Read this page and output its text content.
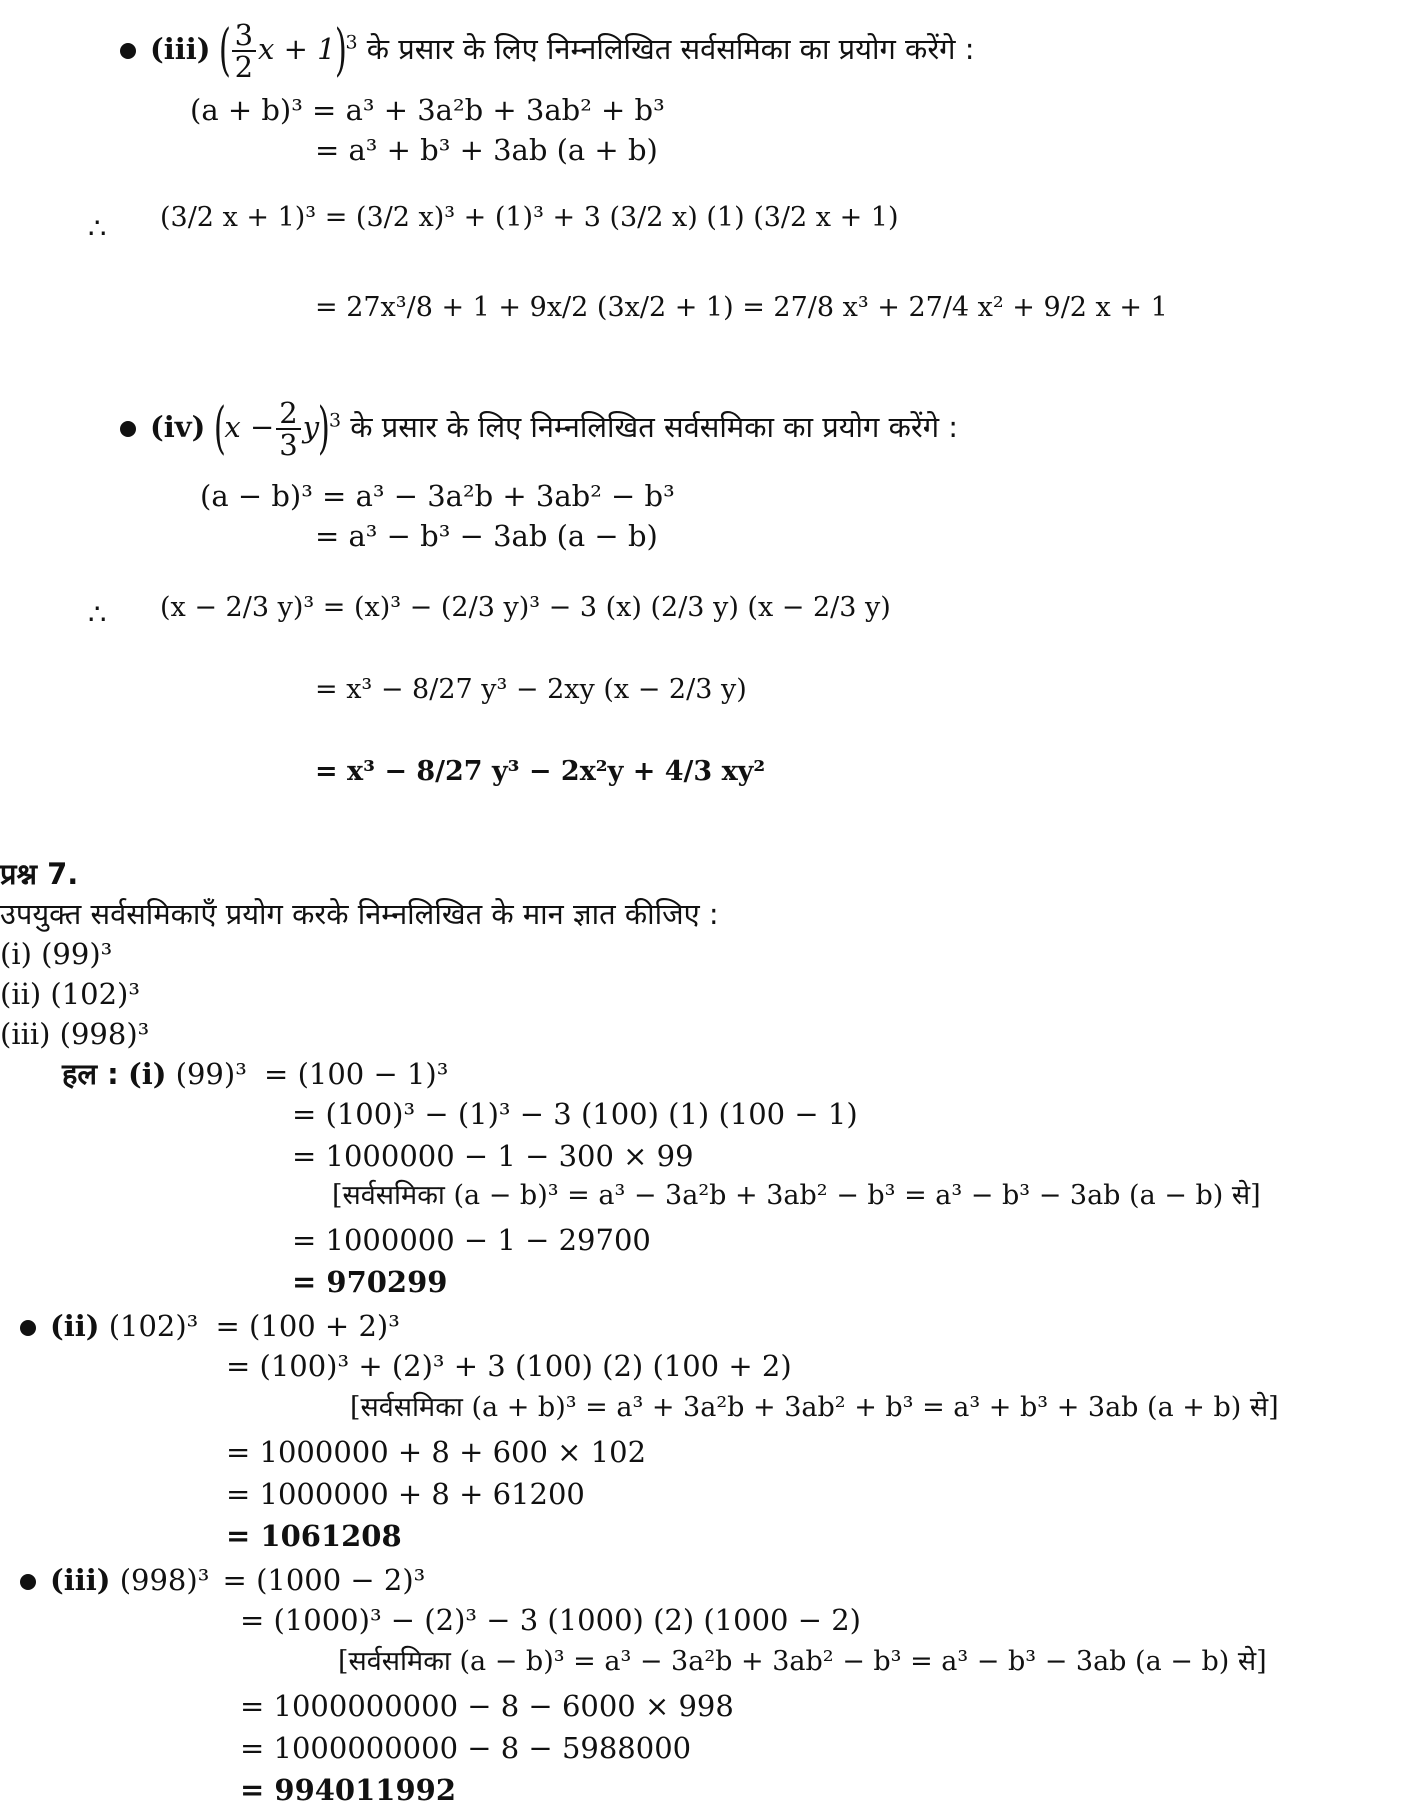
(iii) ( $\frac{3}{2}$ x + 1)$^3$ के प्रसार के लिए निम्नलिखित सर्वसमिका का प्रयोग करेंगे :
(a + b)³ = a³ + 3a²b + 3ab² + b³
= a³ + b³ + 3ab (a + b)
∴ (3/2 x + 1)³ = (3/2 x)³ + (1)³ + 3 (3/2 x) (1) (3/2 x + 1)
= 27x³/8 + 1 + 9x/2 (3x/2 + 1) = 27/8 x³ + 27/4 x² + 9/2 x + 1
(iv) $(x - \frac{2}{3} y)^3$ के प्रसार के लिए निम्नलिखित सर्वसमिका का प्रयोग करेंगे :
(a − b)³ = a³ − 3a²b + 3ab² − b³
= a³ − b³ − 3ab (a − b)
∴ (x − 2/3 y)³ = (x)³ − (2/3 y)³ − 3 (x) (2/3 y) (x − 2/3 y)
= x³ − 8/27 y³ − 2xy (x − 2/3 y)
= x³ − 8/27 y³ − 2x²y + 4/3 xy²
प्रश्न 7.
उपयुक्त सर्वसमिकाएँ प्रयोग करके निम्नलिखित के मान ज्ञात कीजिए :
(i) (99)³
(ii) (102)³
(iii) (998)³
हल : (i) (99)³ = (100 − 1)³
= (100)³ − (1)³ − 3 (100) (1) (100 − 1)
= 1000000 − 1 − 300 × 99
[सर्वसमिका (a − b)³ = a³ − 3a²b + 3ab² − b³ = a³ − b³ − 3ab (a − b) से]
= 1000000 − 1 − 29700
= 970299
(ii) (102)³ = (100 + 2)³
= (100)³ + (2)³ + 3 (100) (2) (100 + 2)
[सर्वसमिका (a + b)³ = a³ + 3a²b + 3ab² + b³ = a³ + b³ + 3ab (a + b) से]
= 1000000 + 8 + 600 × 102
= 1000000 + 8 + 61200
= 1061208
(iii) (998)³ = (1000 − 2)³
= (1000)³ − (2)³ − 3 (1000) (2) (1000 − 2)
[सर्वसमिका (a − b)³ = a³ − 3a²b + 3ab² − b³ = a³ − b³ − 3ab (a − b) से]
= 1000000000 − 8 − 6000 × 998
= 1000000000 − 8 − 5988000
= 994011992
